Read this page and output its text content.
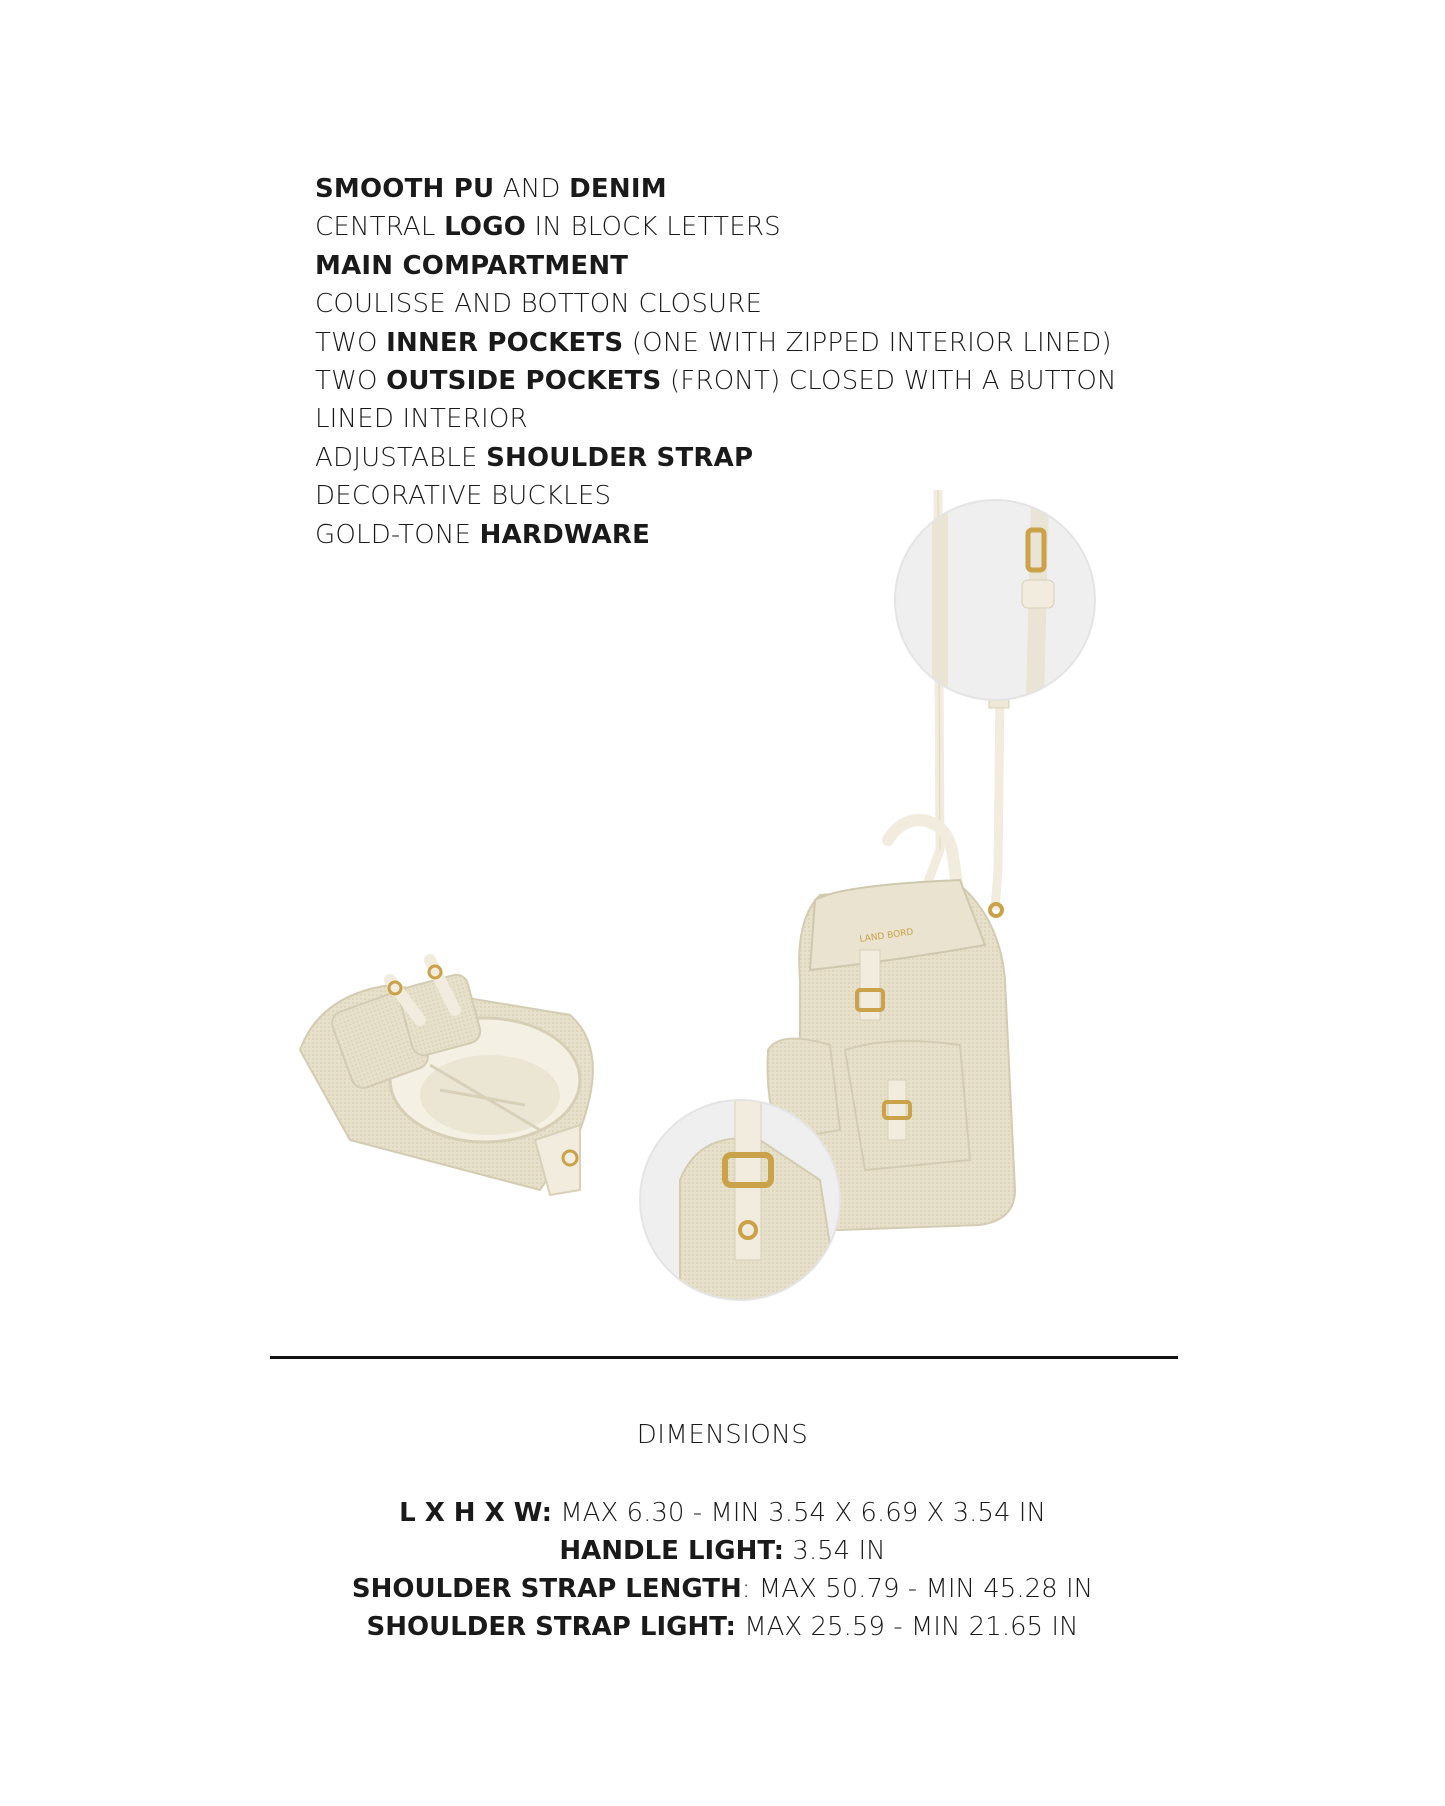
SMOOTH PU AND DENIM
CENTRAL LOGO IN BLOCK LETTERS
MAIN COMPARTMENT
COULISSE AND BOTTON CLOSURE
TWO INNER POCKETS (ONE WITH ZIPPED INTERIOR LINED)
TWO OUTSIDE POCKETS (FRONT) CLOSED WITH A BUTTON
LINED INTERIOR
ADJUSTABLE SHOULDER STRAP
DECORATIVE BUCKLES
GOLD-TONE HARDWARE
LAND BORD
DIMENSIONS
L X H X W: MAX 6.30 - MIN 3.54 X 6.69 X 3.54 IN
HANDLE LIGHT: 3.54 IN
SHOULDER STRAP LENGTH: MAX 50.79 - MIN 45.28 IN
SHOULDER STRAP LIGHT: MAX 25.59 - MIN 21.65 IN
